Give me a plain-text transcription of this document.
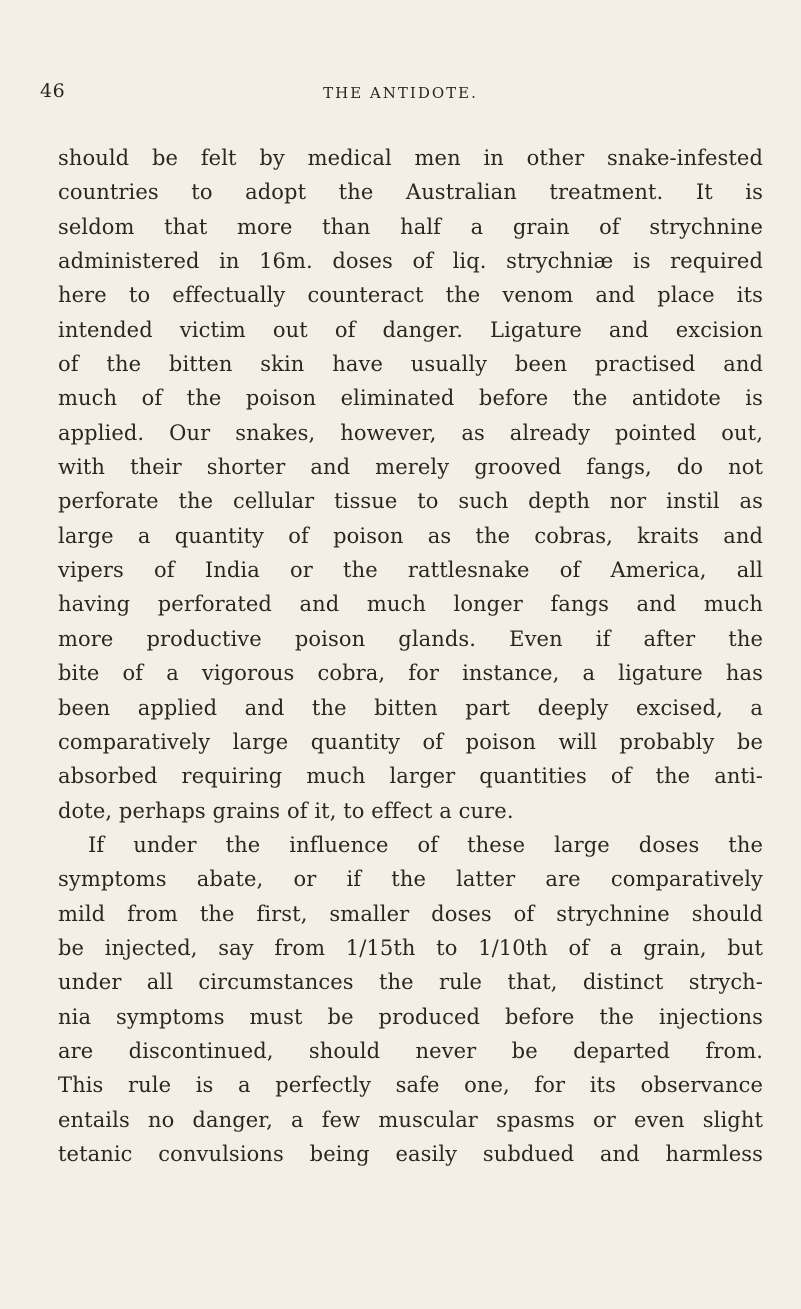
46	THE ANTIDOTE.
should be felt by medical men in other snake-infested
countries to adopt the Australian treatment. It is
seldom that more than half a grain of strychnine
administered in 16m. doses of liq. strychniæ is required
here to effectually counteract the venom and place its
intended victim out of danger. Ligature and excision
of the bitten skin have usually been practised and
much of the poison eliminated before the antidote is
applied. Our snakes, however, as already pointed out,
with their shorter and merely grooved fangs, do not
perforate the cellular tissue to such depth nor instil as
large a quantity of poison as the cobras, kraits and
vipers of India or the rattlesnake of America, all
having perforated and much longer fangs and much
more productive poison glands. Even if after the
bite of a vigorous cobra, for instance, a ligature has
been applied and the bitten part deeply excised, a
comparatively large quantity of poison will probably be
absorbed requiring much larger quantities of the anti-
dote, perhaps grains of it, to effect a cure.
If under the influence of these large doses the
symptoms abate, or if the latter are comparatively
mild from the first, smaller doses of strychnine should
be injected, say from 1/15th to 1/10th of a grain, but
under all circumstances the rule that, distinct strych-
nia symptoms must be produced before the injections
are discontinued, should never be departed from.
This rule is a perfectly safe one, for its observance
entails no danger, a few muscular spasms or even slight
tetanic convulsions being easily subdued and harmless
